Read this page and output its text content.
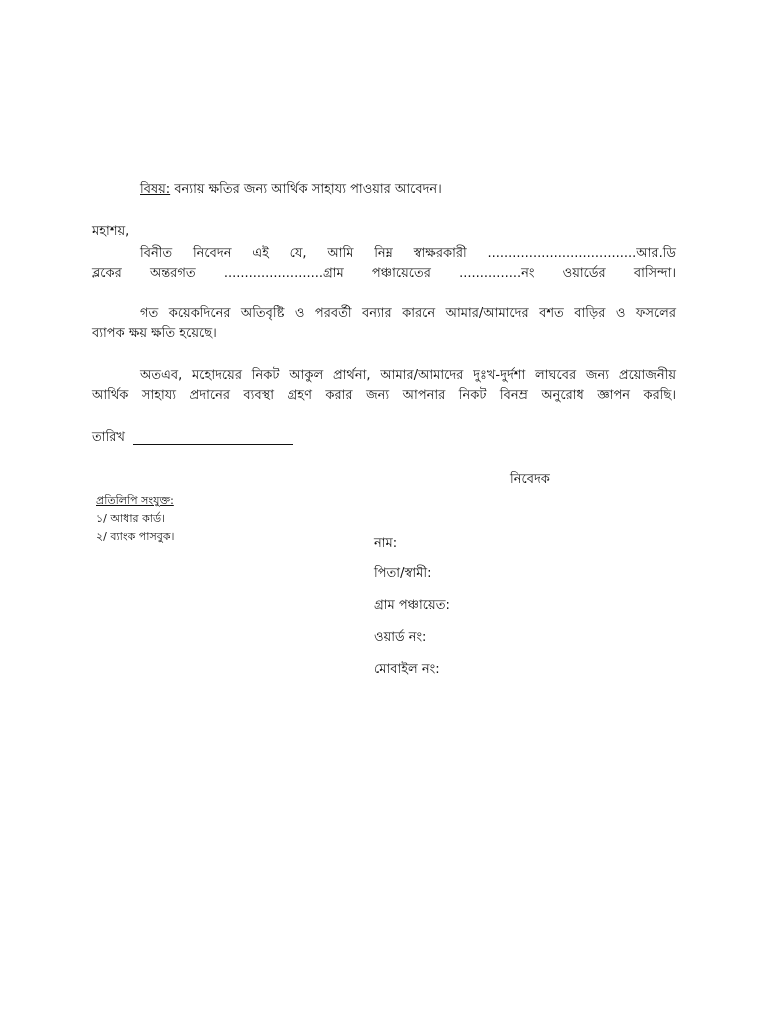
বিষয়: বন্যায় ক্ষতির জন্য আর্থিক সাহায্য পাওয়ার আবেদন।
মহাশয়,
বিনীত নিবেদন এই যে, আমি নিম্ন স্বাক্ষরকারী ....................................আর.ডি
ব্লকের অন্তরগত ........................গ্রাম পঞ্চায়েতের ...............নং ওয়ার্ডের বাসিন্দা।
গত কয়েকদিনের অতিবৃষ্টি ও পরবর্তী বন্যার কারনে আমার/আমাদের বশত বাড়ির ও ফসলের
ব্যাপক ক্ষয় ক্ষতি হয়েছে।
অতএব, মহোদয়ের নিকট আকুল প্রার্থনা, আমার/আমাদের দুঃখ-দুর্দশা লাঘবের জন্য প্রয়োজনীয়
আর্থিক সাহায্য প্রদানের ব্যবস্থা গ্রহণ করার জন্য আপনার নিকট বিনম্র অনুরোধ জ্ঞাপন করছি।
তারিখ
নিবেদক
প্রতিলিপি সংযুক্ত:
১/ আধার কার্ড।
২/ ব্যাংক পাসবুক।	নাম:
পিতা/স্বামী:
গ্রাম পঞ্চায়েত:
ওয়ার্ড নং:
মোবাইল নং:
